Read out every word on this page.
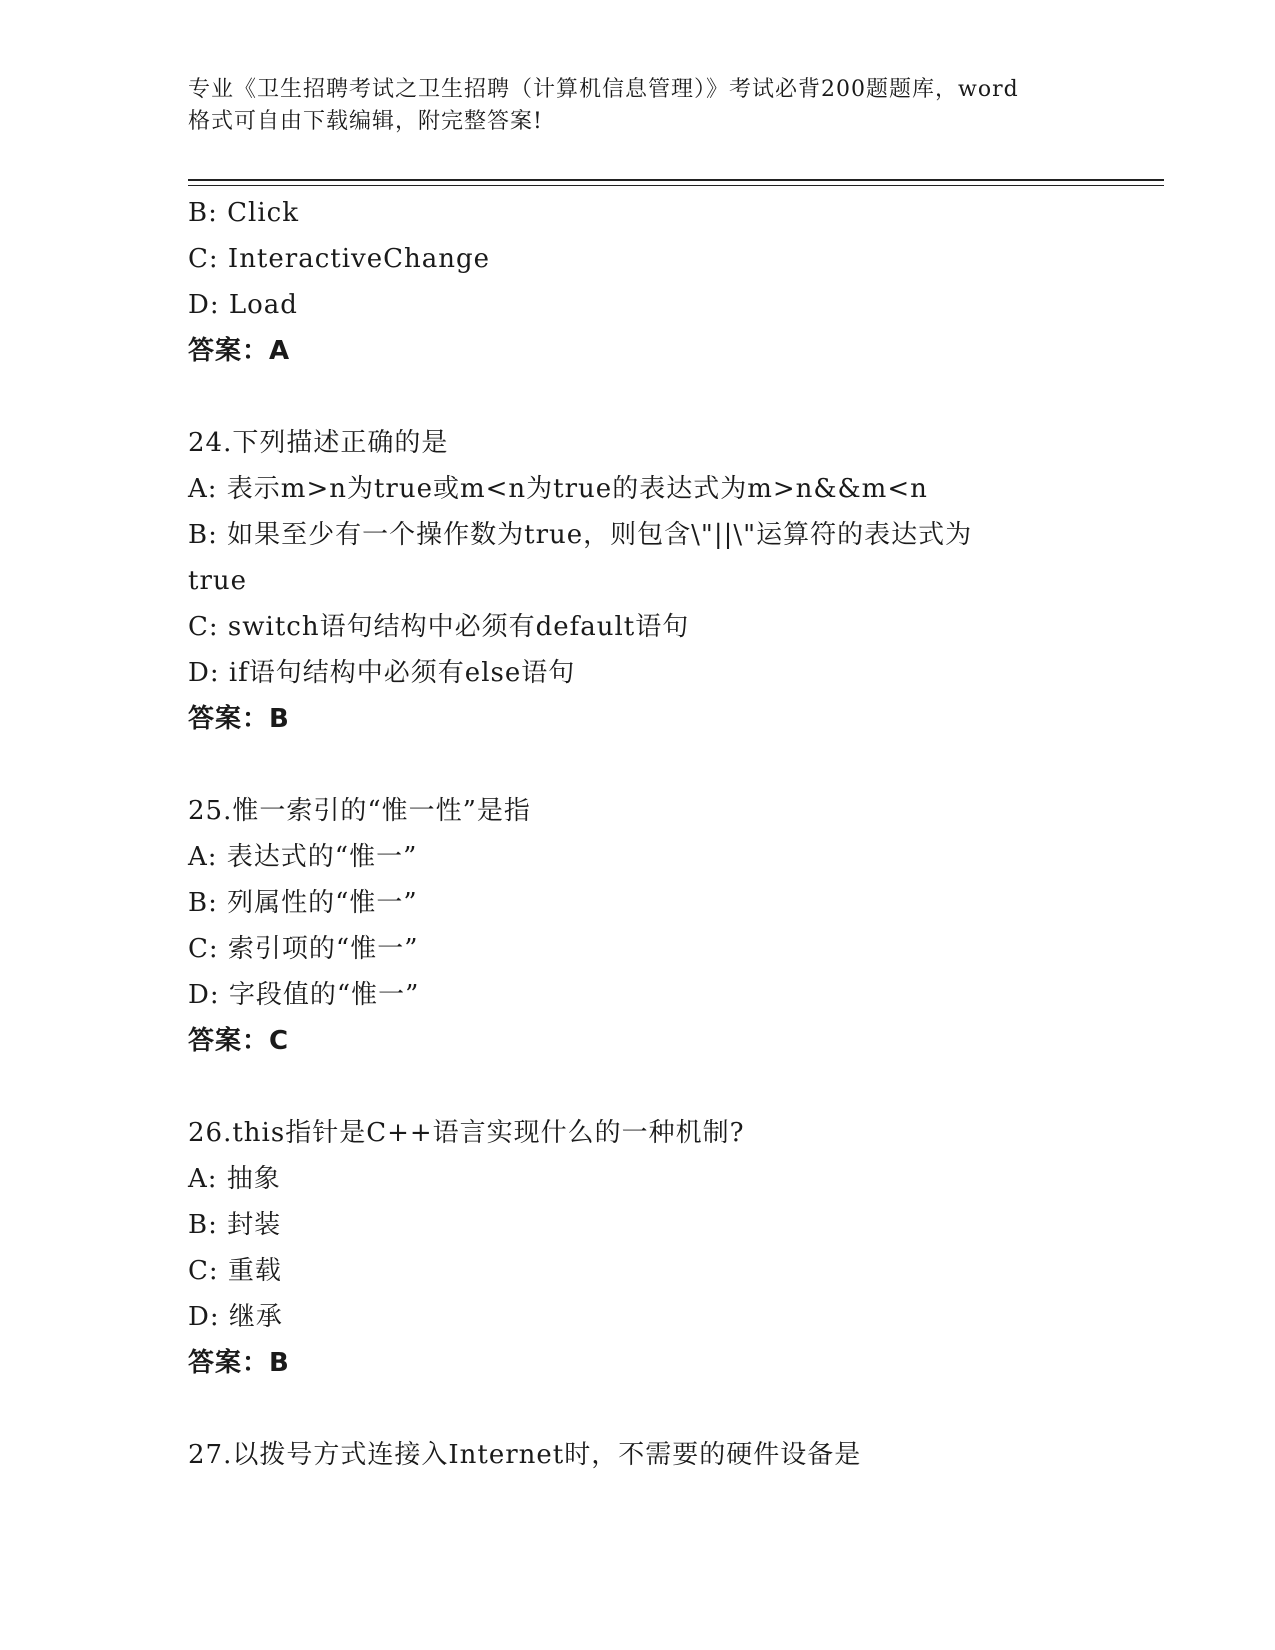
专业《卫生招聘考试之卫生招聘（计算机信息管理）》考试必背200题题库，word
格式可自由下载编辑，附完整答案!
B: Click
C: InteractiveChange
D: Load
答案：A
24.下列描述正确的是
A: 表示m>n为true或m<n为true的表达式为m>n&&m<n
B: 如果至少有一个操作数为true，则包含\"||\"运算符的表达式为
true
C: switch语句结构中必须有default语句
D: if语句结构中必须有else语句
答案：B
25.惟一索引的“惟一性”是指
A: 表达式的“惟一”
B: 列属性的“惟一”
C: 索引项的“惟一”
D: 字段值的“惟一”
答案：C
26.this指针是C++语言实现什么的一种机制?
A: 抽象
B: 封装
C: 重载
D: 继承
答案：B
27.以拨号方式连接入Internet时，不需要的硬件设备是
